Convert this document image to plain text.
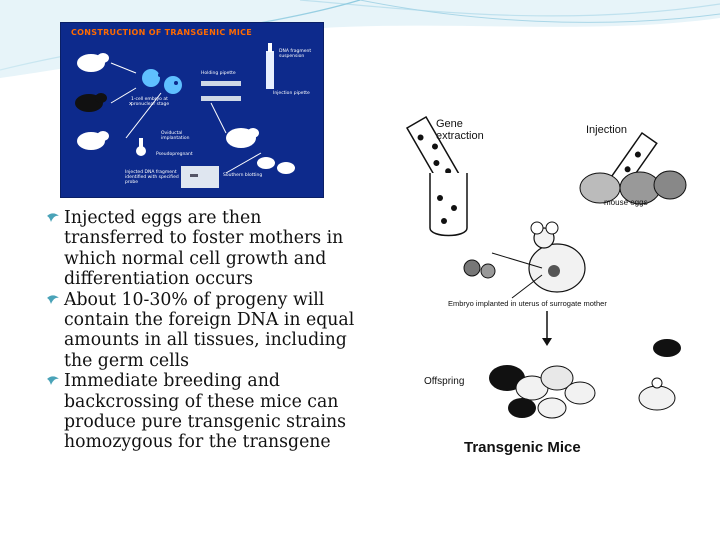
CONSTRUCTION OF TRANSGENIC MICE
x
Holding pipette
DNA fragment suspension
Injection pipette
1-cell embryo at pronuclear stage
Oviductal implantation
Pseudopregnant
Injected DNA fragment identified with specified probe
Southern blotting

Injected eggs are then transferred to foster mothers in which normal cell growth and differentiation occurs

About 10-30% of progeny will contain the foreign DNA in equal amounts in all tissues, including the germ cells

Immediate breeding and backcrossing of these mice can produce pure transgenic strains homozygous for the transgene

Gene extraction	Injection
mouse eggs
Embryo implanted in uterus of surrogate mother
Offspring
Transgenic Mice
